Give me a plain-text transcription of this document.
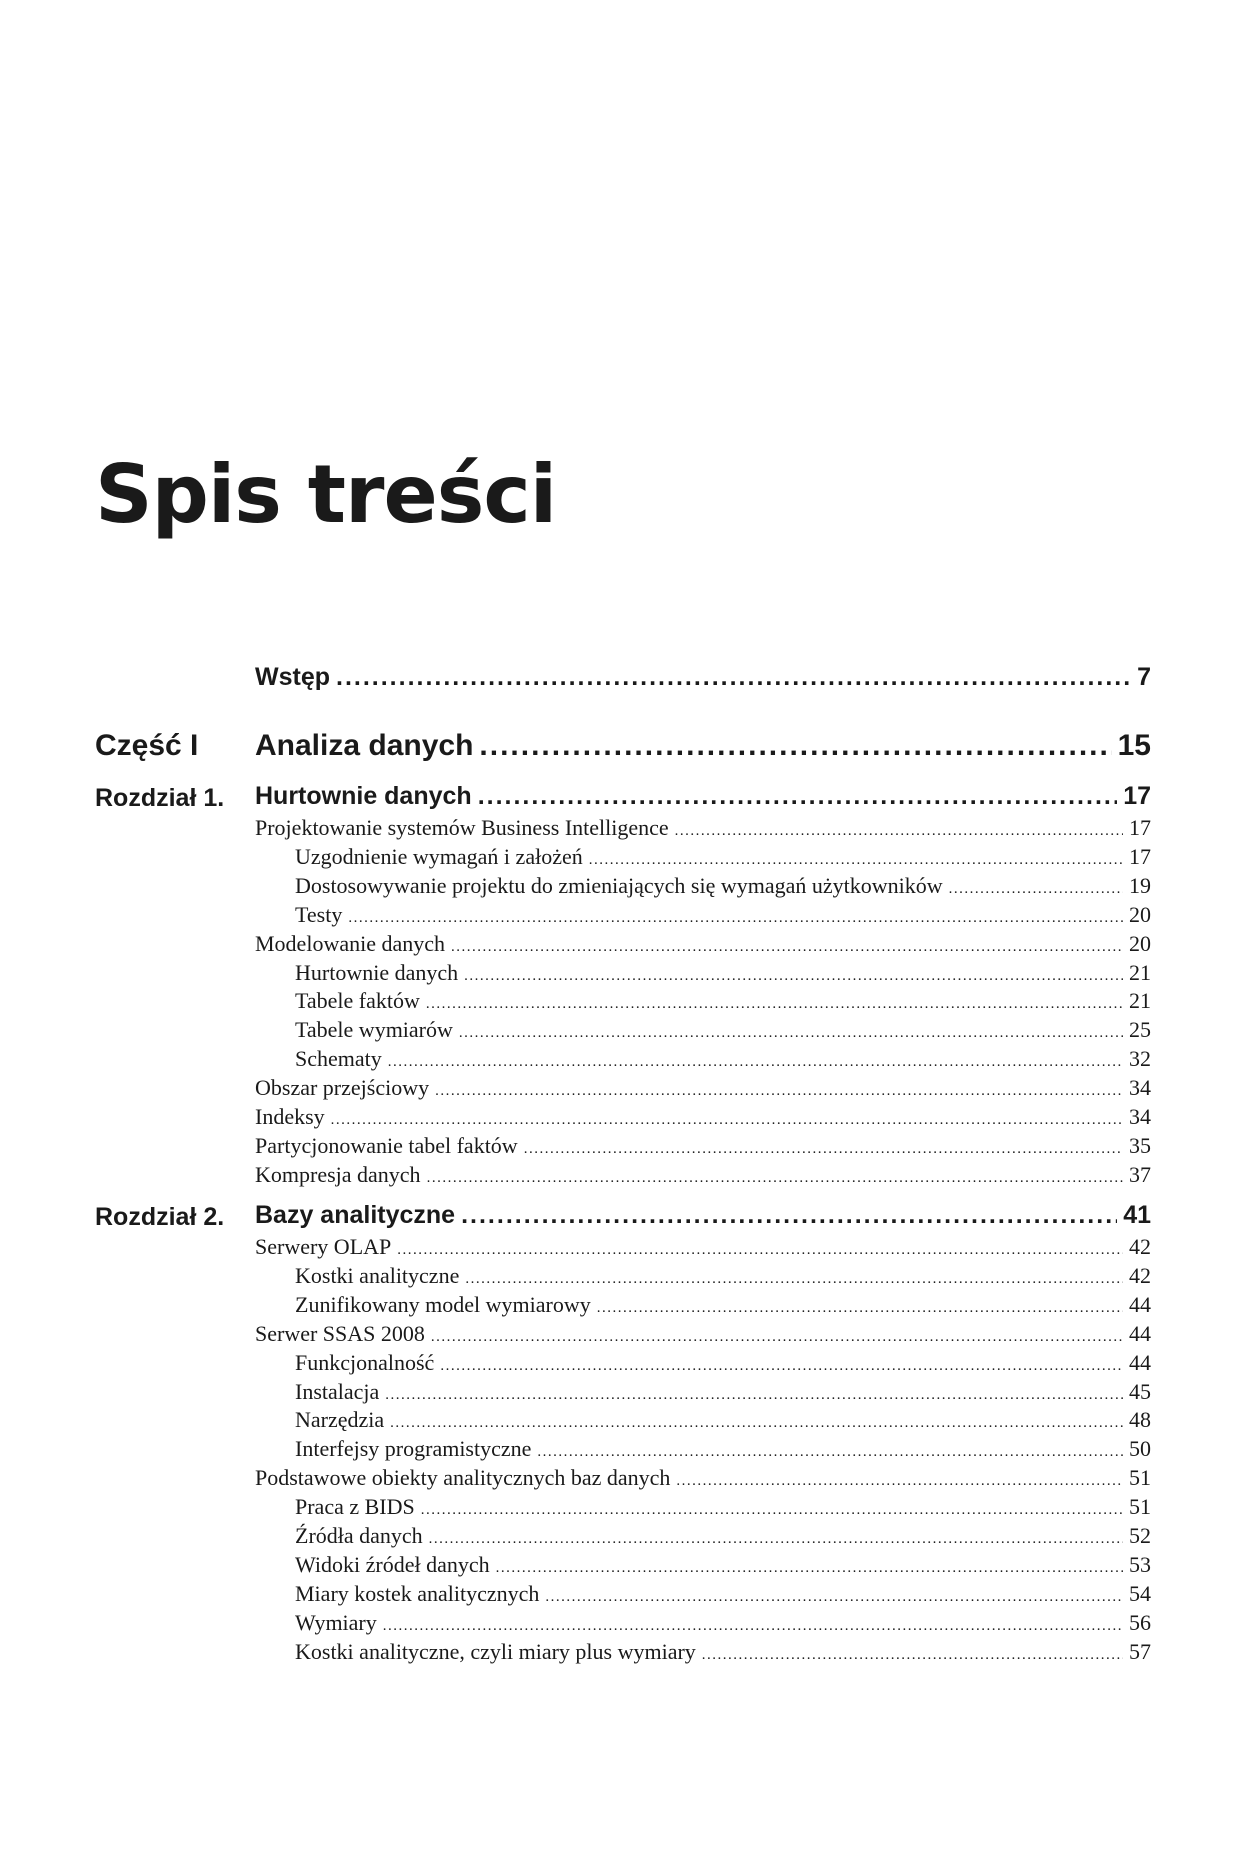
Spis treści
Wstęp .....	7
Część I Analiza danych .....	15
Rozdział 1. Hurtownie danych .....	17
Projektowanie systemów Business Intelligence .....	17
Uzgodnienie wymagań i założeń .....	17
Dostosowywanie projektu do zmieniających się wymagań użytkowników .....	19
Testy .....	20
Modelowanie danych .....	20
Hurtownie danych .....	21
Tabele faktów .....	21
Tabele wymiarów .....	25
Schematy .....	32
Obszar przejściowy .....	34
Indeksy .....	34
Partycjonowanie tabel faktów .....	35
Kompresja danych .....	37
Rozdział 2. Bazy analityczne .....	41
Serwery OLAP .....	42
Kostki analityczne .....	42
Zunifikowany model wymiarowy .....	44
Serwer SSAS 2008 .....	44
Funkcjonalność .....	44
Instalacja .....	45
Narzędzia .....	48
Interfejsy programistyczne .....	50
Podstawowe obiekty analitycznych baz danych .....	51
Praca z BIDS .....	51
Źródła danych .....	52
Widoki źródeł danych .....	53
Miary kostek analitycznych .....	54
Wymiary .....	56
Kostki analityczne, czyli miary plus wymiary .....	57
